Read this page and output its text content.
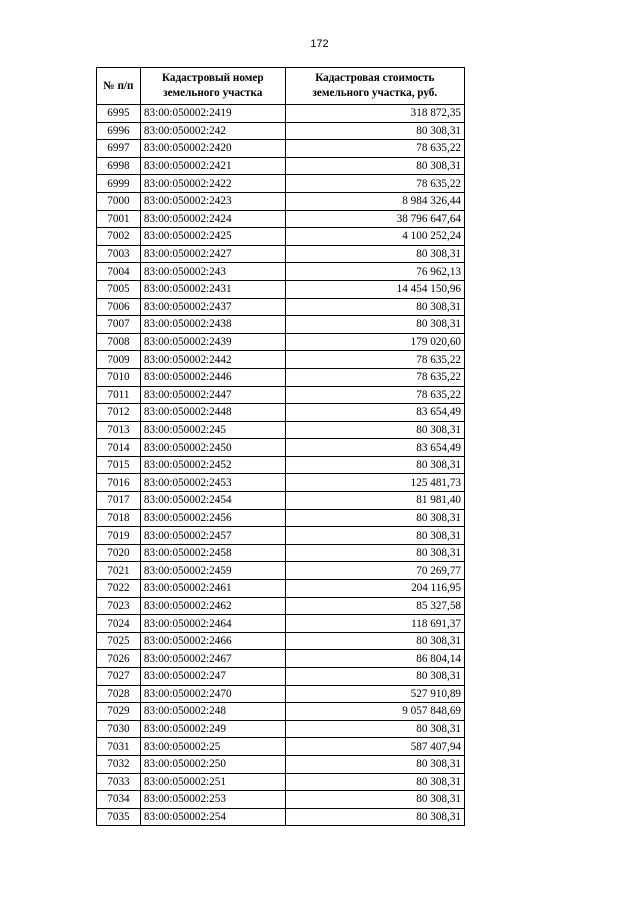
172
№ п/п	Кадастровый номер земельного участка	Кадастровая стоимость земельного участка, руб.
6995	83:00:050002:2419	318 872,35
6996	83:00:050002:242	80 308,31
6997	83:00:050002:2420	78 635,22
6998	83:00:050002:2421	80 308,31
6999	83:00:050002:2422	78 635,22
7000	83:00:050002:2423	8 984 326,44
7001	83:00:050002:2424	38 796 647,64
7002	83:00:050002:2425	4 100 252,24
7003	83:00:050002:2427	80 308,31
7004	83:00:050002:243	76 962,13
7005	83:00:050002:2431	14 454 150,96
7006	83:00:050002:2437	80 308,31
7007	83:00:050002:2438	80 308,31
7008	83:00:050002:2439	179 020,60
7009	83:00:050002:2442	78 635,22
7010	83:00:050002:2446	78 635,22
7011	83:00:050002:2447	78 635,22
7012	83:00:050002:2448	83 654,49
7013	83:00:050002:245	80 308,31
7014	83:00:050002:2450	83 654,49
7015	83:00:050002:2452	80 308,31
7016	83:00:050002:2453	125 481,73
7017	83:00:050002:2454	81 981,40
7018	83:00:050002:2456	80 308,31
7019	83:00:050002:2457	80 308,31
7020	83:00:050002:2458	80 308,31
7021	83:00:050002:2459	70 269,77
7022	83:00:050002:2461	204 116,95
7023	83:00:050002:2462	85 327,58
7024	83:00:050002:2464	118 691,37
7025	83:00:050002:2466	80 308,31
7026	83:00:050002:2467	86 804,14
7027	83:00:050002:247	80 308,31
7028	83:00:050002:2470	527 910,89
7029	83:00:050002:248	9 057 848,69
7030	83:00:050002:249	80 308,31
7031	83:00:050002:25	587 407,94
7032	83:00:050002:250	80 308,31
7033	83:00:050002:251	80 308,31
7034	83:00:050002:253	80 308,31
7035	83:00:050002:254	80 308,31
